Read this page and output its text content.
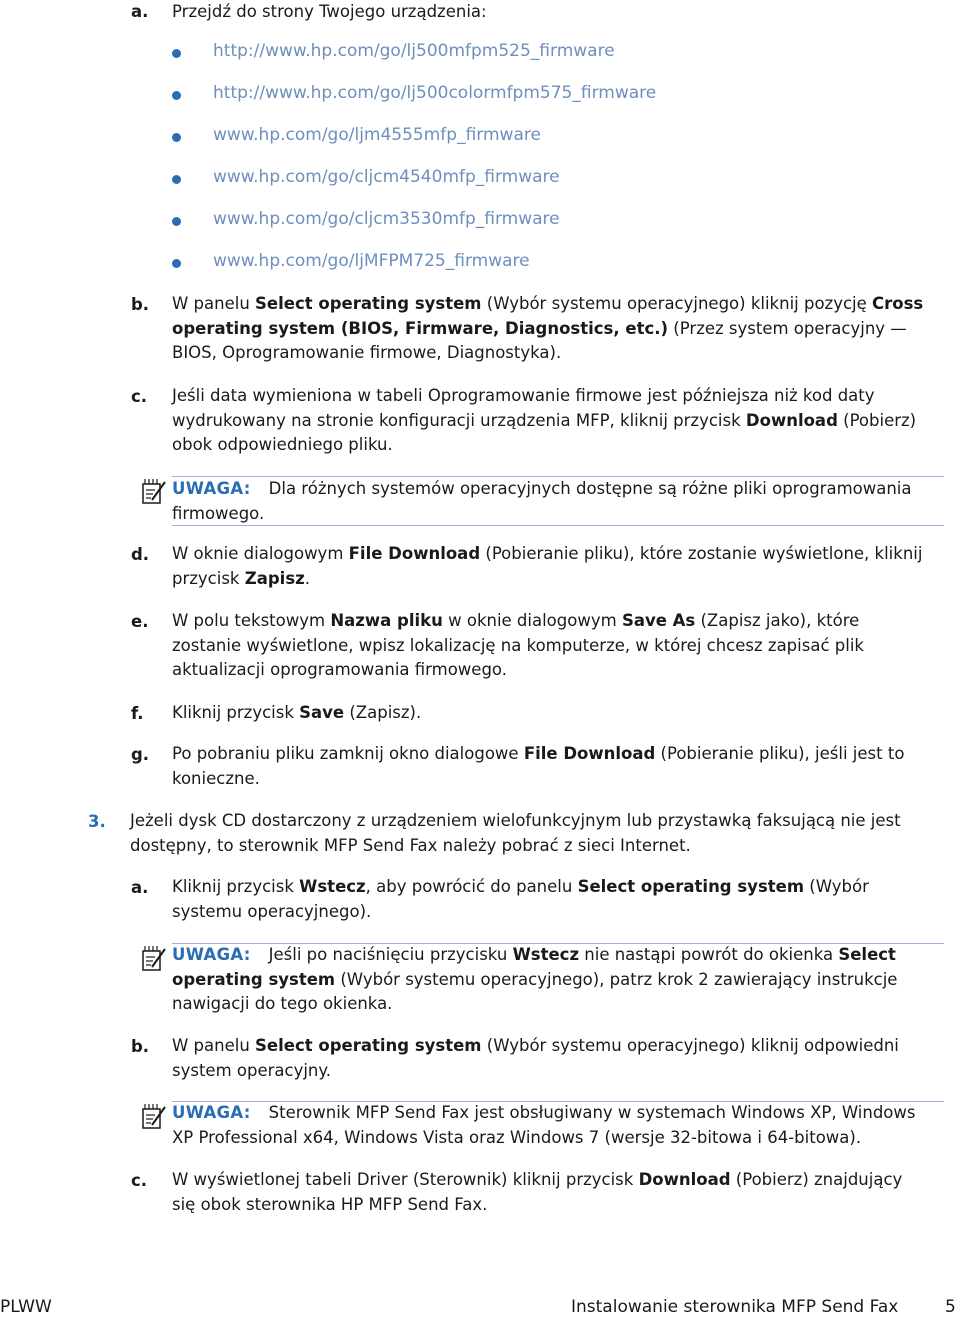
a. Przejdź do strony Twojego urządzenia:
http://www.hp.com/go/lj500mfpm525_firmware
http://www.hp.com/go/lj500colormfpm575_firmware
www.hp.com/go/ljm4555mfp_firmware
www.hp.com/go/cljcm4540mfp_firmware
www.hp.com/go/cljcm3530mfp_firmware
www.hp.com/go/ljMFPM725_firmware
b. W panelu Select operating system (Wybór systemu operacyjnego) kliknij pozycję Cross
operating system (BIOS, Firmware, Diagnostics, etc.) (Przez system operacyjny —
BIOS, Oprogramowanie firmowe, Diagnostyka).
c. Jeśli data wymieniona w tabeli Oprogramowanie firmowe jest późniejsza niż kod daty
wydrukowany na stronie konfiguracji urządzenia MFP, kliknij przycisk Download (Pobierz)
obok odpowiedniego pliku.
UWAGA: Dla różnych systemów operacyjnych dostępne są różne pliki oprogramowania
firmowego.
d. W oknie dialogowym File Download (Pobieranie pliku), które zostanie wyświetlone, kliknij
przycisk Zapisz.
e. W polu tekstowym Nazwa pliku w oknie dialogowym Save As (Zapisz jako), które
zostanie wyświetlone, wpisz lokalizację na komputerze, w której chcesz zapisać plik
aktualizacji oprogramowania firmowego.
f. Kliknij przycisk Save (Zapisz).
g. Po pobraniu pliku zamknij okno dialogowe File Download (Pobieranie pliku), jeśli jest to
konieczne.
3. Jeżeli dysk CD dostarczony z urządzeniem wielofunkcyjnym lub przystawką faksującą nie jest
dostępny, to sterownik MFP Send Fax należy pobrać z sieci Internet.
a. Kliknij przycisk Wstecz, aby powrócić do panelu Select operating system (Wybór
systemu operacyjnego).
UWAGA: Jeśli po naciśnięciu przycisku Wstecz nie nastąpi powrót do okienka Select
operating system (Wybór systemu operacyjnego), patrz krok 2 zawierający instrukcje
nawigacji do tego okienka.
b. W panelu Select operating system (Wybór systemu operacyjnego) kliknij odpowiedni
system operacyjny.
UWAGA: Sterownik MFP Send Fax jest obsługiwany w systemach Windows XP, Windows
XP Professional x64, Windows Vista oraz Windows 7 (wersje 32-bitowa i 64-bitowa).
c. W wyświetlonej tabeli Driver (Sterownik) kliknij przycisk Download (Pobierz) znajdujący
się obok sterownika HP MFP Send Fax.
PLWW	Instalowanie sterownika MFP Send Fax	5
